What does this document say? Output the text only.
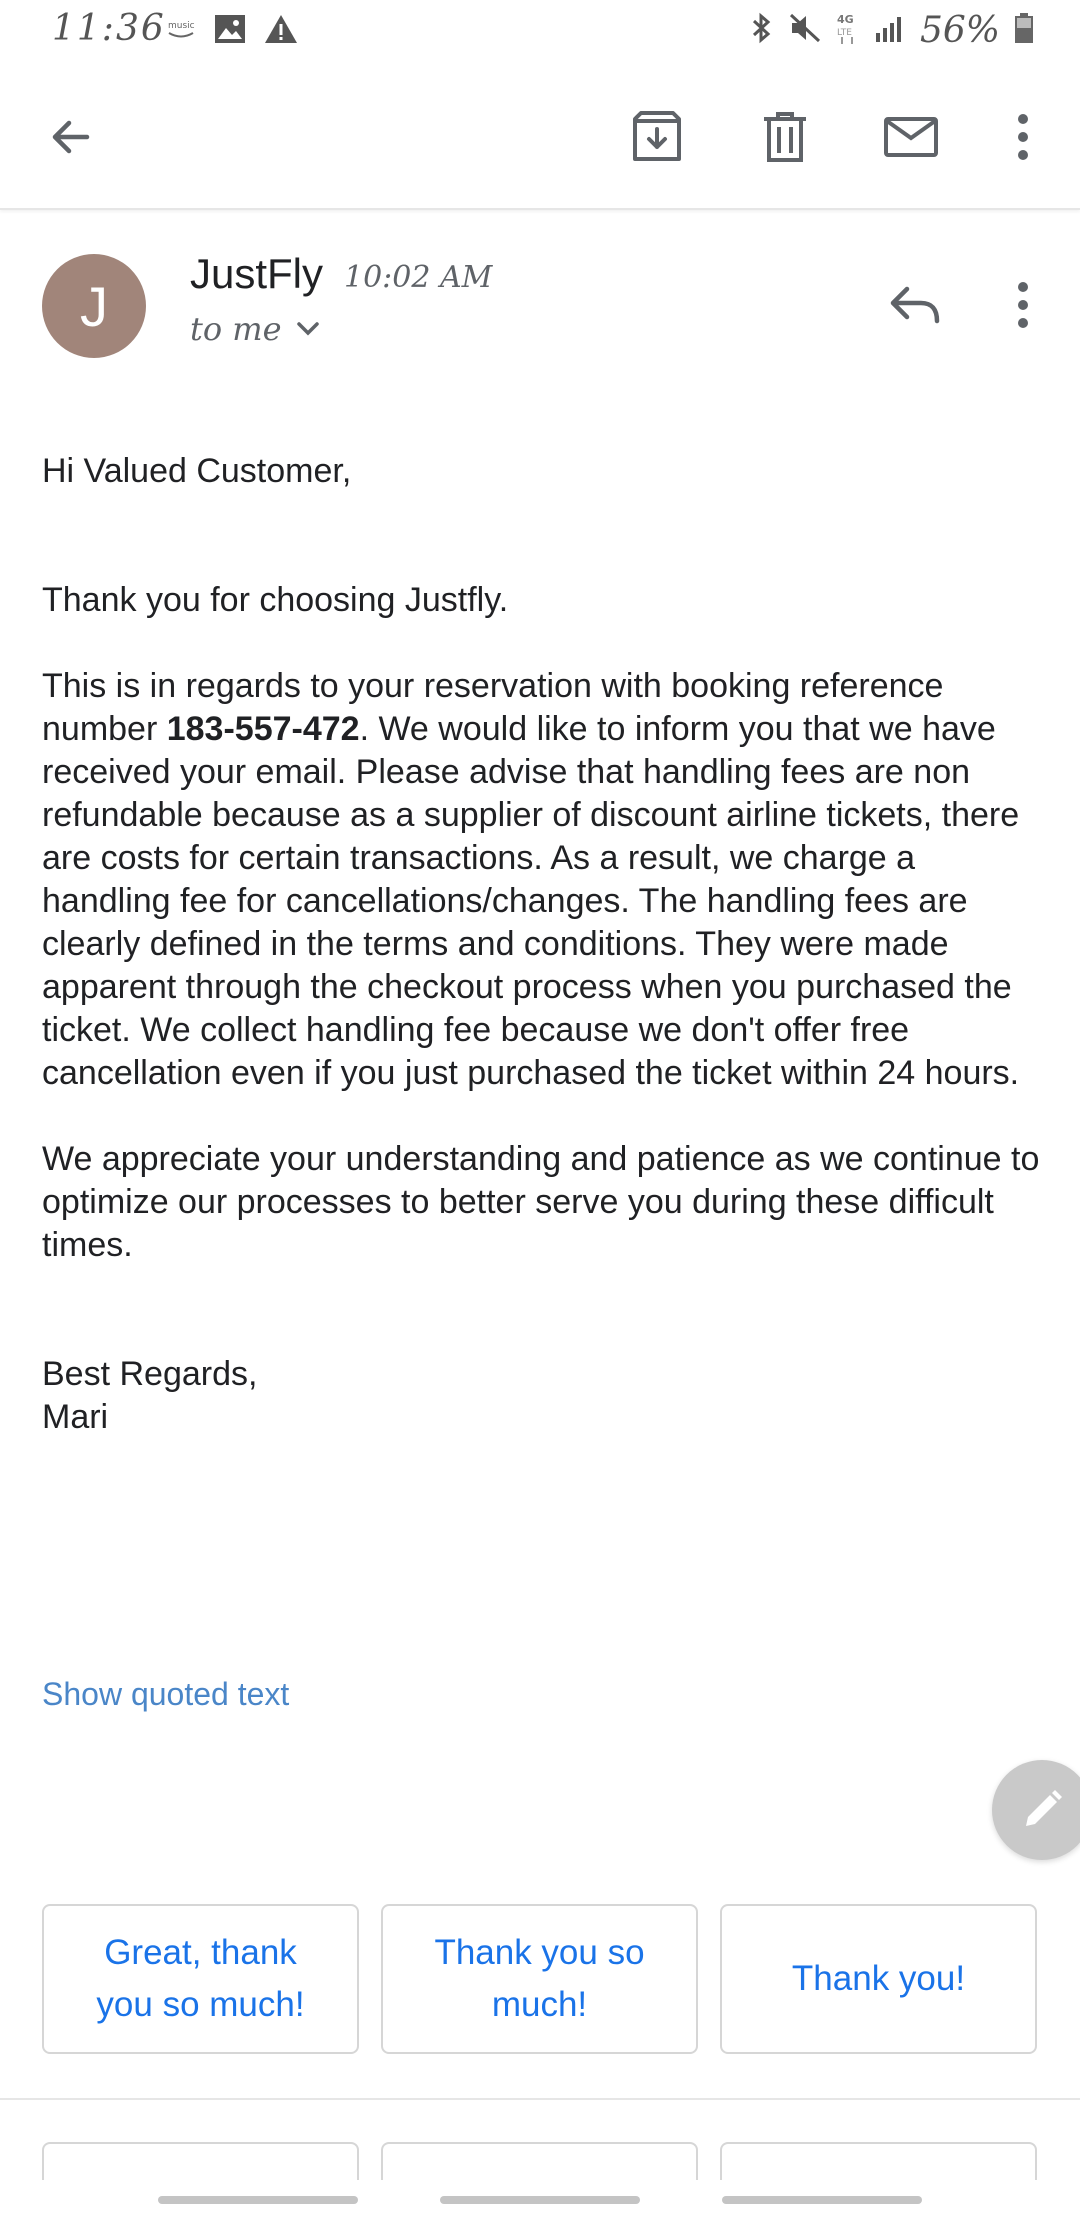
11:36 music	4G
LTE 56%
J
JustFly 10:02 AM
to me

Hi Valued Customer,

Thank you for choosing Justfly.

This is in regards to your reservation with booking reference number 183-557-472. We would like to inform you that we have received your email. Please advise that handling fees are non refundable because as a supplier of discount airline tickets, there are costs for certain transactions. As a result, we charge a handling fee for cancellations/changes. The handling fees are clearly defined in the terms and conditions. They were made apparent through the checkout process when you purchased the ticket. We collect handling fee because we don't offer free cancellation even if you just purchased the ticket within 24 hours.

We appreciate your understanding and patience as we continue to optimize our processes to better serve you during these difficult times.

Best Regards,

Mari

Show quoted text
Great, thank you so much!
Thank you so much!
Thank you!
